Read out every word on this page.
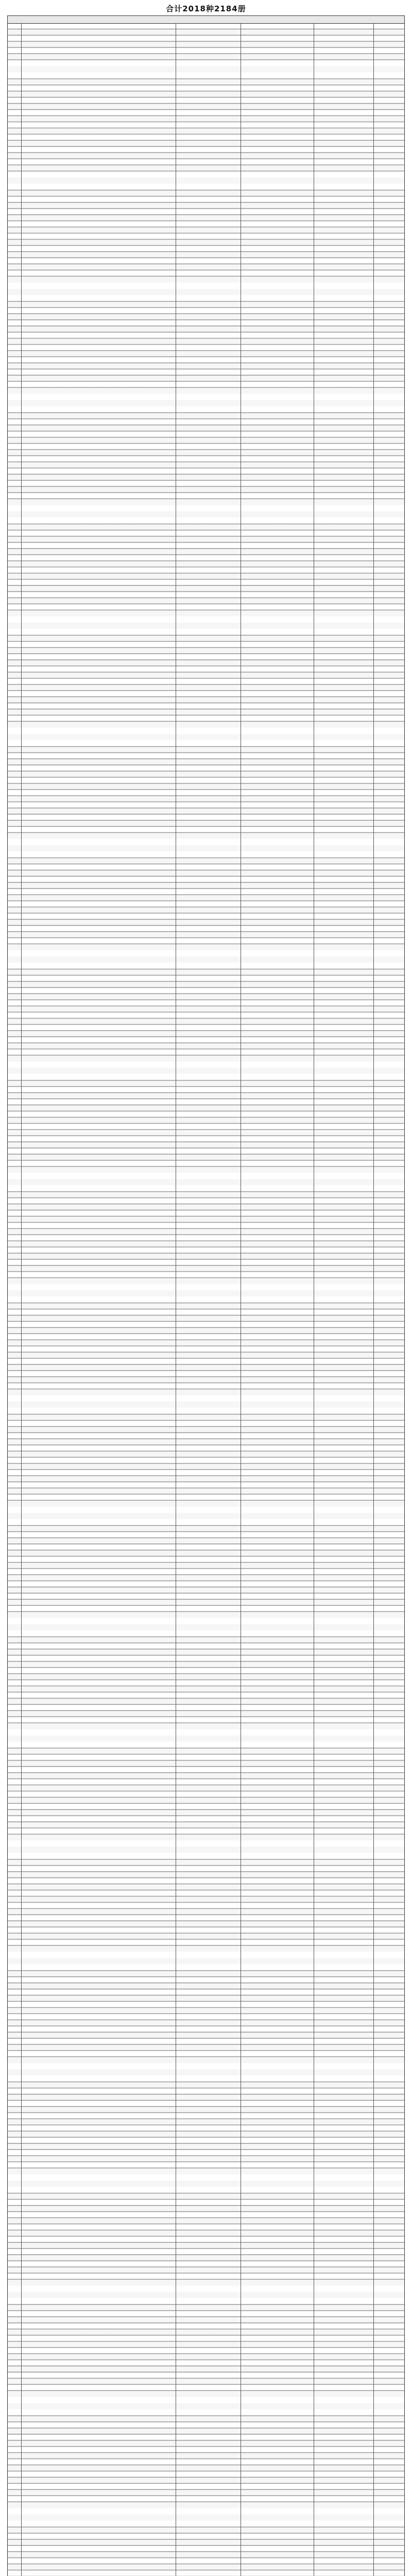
合计2018种2184册
